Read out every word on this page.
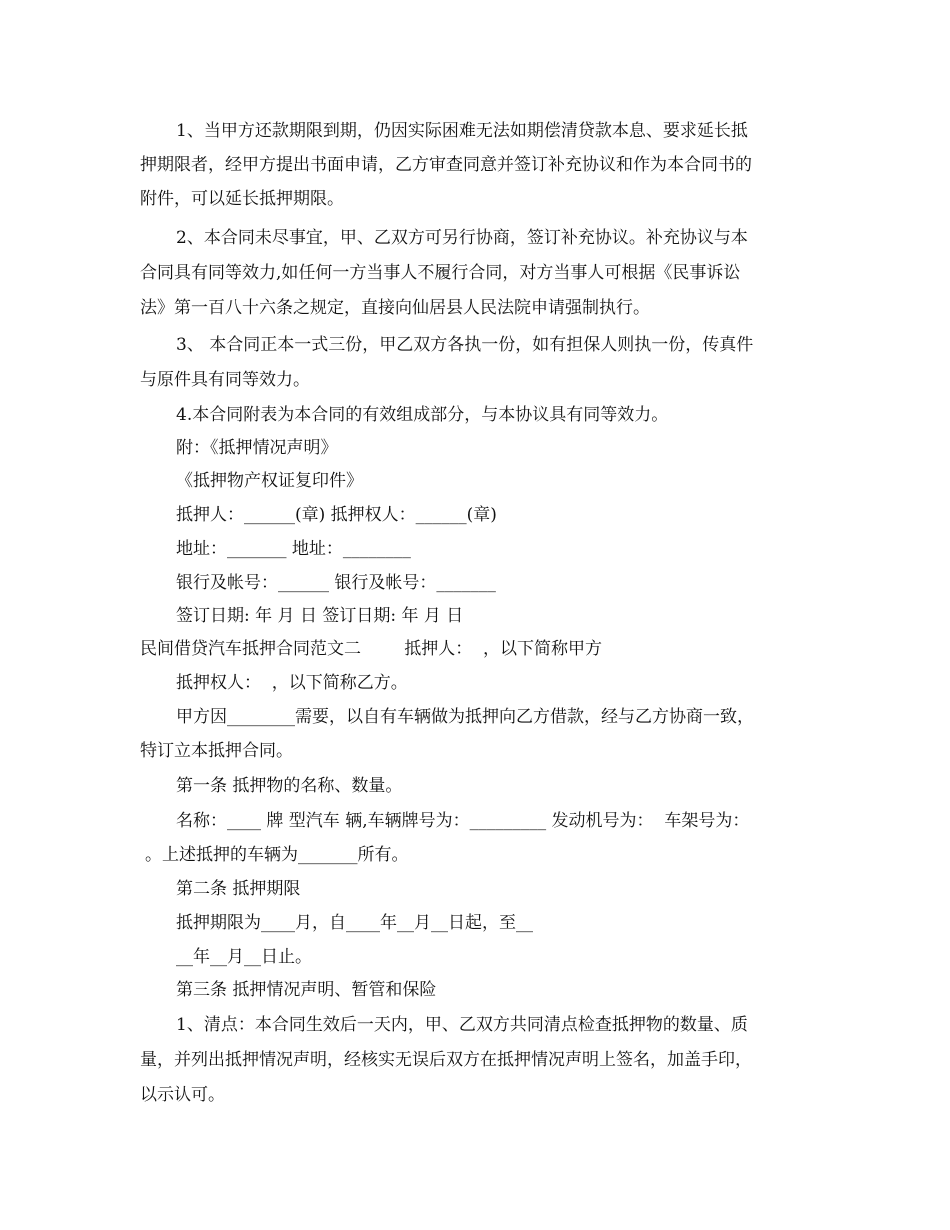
1、当甲方还款期限到期，仍因实际困难无法如期偿清贷款本息、要求延长抵
押期限者，经甲方提出书面申请，乙方审查同意并签订补充协议和作为本合同书的
附件，可以延长抵押期限。
2、本合同未尽事宜，甲、乙双方可另行协商，签订补充协议。补充协议与本
合同具有同等效力,如任何一方当事人不履行合同，对方当事人可根据《民事诉讼
法》第一百八十六条之规定，直接向仙居县人民法院申请强制执行。
3、 本合同正本一式三份，甲乙双方各执一份，如有担保人则执一份，传真件
与原件具有同等效力。
4.本合同附表为本合同的有效组成部分，与本协议具有同等效力。
附：《抵押情况声明》
《抵押物产权证复印件》
抵押人：______(章) 抵押权人：______(章)
地址：_______ 地址：________
银行及帐号：______ 银行及帐号：_______
签订日期: 年 月 日 签订日期: 年 月 日
民间借贷汽车抵押合同范文二        抵押人：  ，以下简称甲方
抵押权人：  ，以下简称乙方。
甲方因________需要，以自有车辆做为抵押向乙方借款，经与乙方协商一致，
特订立本抵押合同。
第一条 抵押物的名称、数量。
名称：____ 牌 型汽车 辆,车辆牌号为：_________ 发动机号为：  车架号为：
。上述抵押的车辆为_______所有。
第二条 抵押期限
抵押期限为____月，自____年__月__日起，至__
__年__月__日止。
第三条 抵押情况声明、暂管和保险
1、清点：本合同生效后一天内，甲、乙双方共同清点检查抵押物的数量、质
量，并列出抵押情况声明，经核实无误后双方在抵押情况声明上签名，加盖手印，
以示认可。
